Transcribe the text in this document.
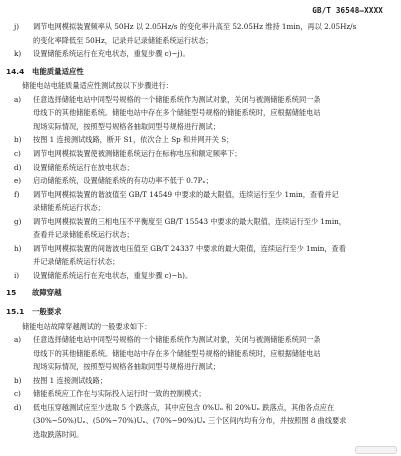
GB/T 36548—XXXX
j)	调节电网模拟装置频率从 50Hz 以 2.05Hz/s 的变化率升高至 52.05Hz 维持 1min，再以 2.05Hz/s
的变化率降低至 50Hz，记录并记录储能系统运行状态；
k)	设置储能系统运行在充电状态，重复步骤 c)~j)。
14.4 电能质量适应性
储能电站电能质量适应性测试按以下步骤进行：
a)	任意选择储能电站中同型号规格的一个储能系统作为测试对象，关闭与被测储能系统同一条
母线下的其他储能系统。储能电站中存在多个储能型号规格的储能系统时，应根据储能电站
现场实际情况，按照型号规格各抽取同型号规格进行测试；
b)	按图 1 连接测试线路，断开 S1，依次合上 Sp 和并网开关 S；
c)	调节电网模拟装置使被测储能系统运行在标称电压和额定频率下；
d)	设置储能系统运行在放电状态；
e)	启动储能系统，设置储能系统的有功功率不低于 0.7Pₙ；
f)	调节电网模拟装置的谐波值至 GB/T 14549 中要求的最大限值，连续运行至少 1min，查看并记
录储能系统运行状态；
g)	调节电网模拟装置的三相电压不平衡度至 GB/T 15543 中要求的最大限值，连续运行至少 1min，
查看并记录储能系统运行状态；
h)	调节电网模拟装置的间谐波电压值至 GB/T 24337 中要求的最大限值，连续运行至少 1min，查看
并记录储能系统运行状态；
i)	设置储能系统运行在充电状态，重复步骤 c)~h)。
15 故障穿越
15.1 一般要求
储能电站故障穿越测试的一般要求如下：
a)	任意选择储能电站中同型号规格的一个储能系统作为测试对象，关闭与被测储能系统同一条
母线下的其他储能系统。储能电站中存在多个储能型号规格的储能系统时，应根据储能电站
现场实际情况，按照型号规格各抽取同型号规格进行测试；
b)	按图 1 连接测试线路；
c)	储能系统应工作在与实际投入运行时一致的控制模式；
d)	低电压穿越测试应至少选取 5 个跌落点，其中应包含 0%Uₙ 和 20%Uₙ 跌落点，其他各点应在
(30%~50%)Uₙ、(50%~70%)Uₙ、(70%~90%)Uₙ 三个区间内均有分布，并按照图 8 曲线要求
选取跌落时间。
